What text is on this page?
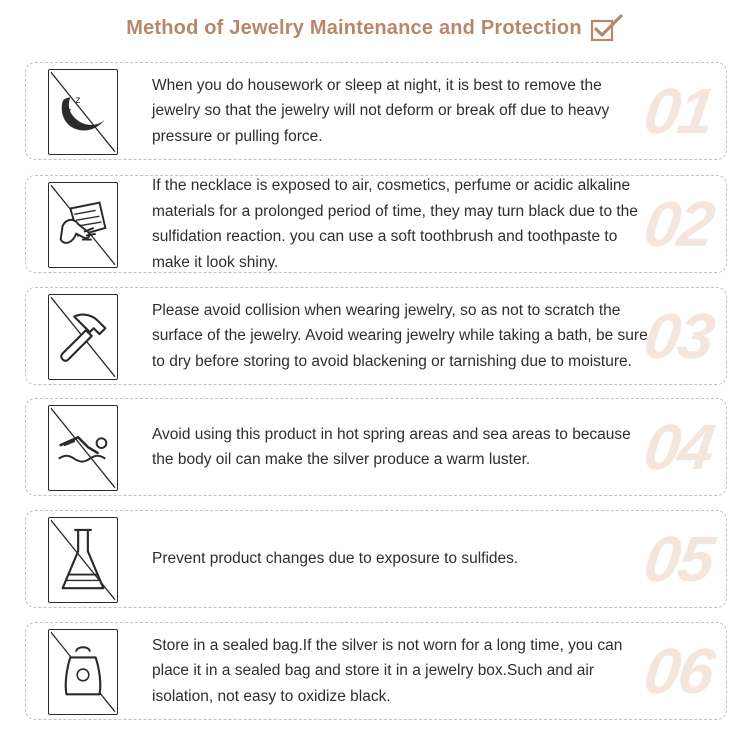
Method of Jewelry Maintenance and Protection
z
z
When you do housework or sleep at night, it is best to remove the jewelry so that the jewelry will not deform or break off due to heavy pressure or pulling force.	01
If the necklace is exposed to air, cosmetics, perfume or acidic alkaline materials for a prolonged period of time, they may turn black due to the sulfidation reaction. you can use a soft toothbrush and toothpaste to make it look shiny.
02
Please avoid collision when wearing jewelry, so as not to scratch the surface of the jewelry. Avoid wearing jewelry while taking a bath, be sure to dry before storing to avoid blackening or tarnishing due to moisture. 03
Avoid using this product in hot spring areas and sea areas to because the body oil can make the silver produce a warm luster.	04
Prevent product changes due to exposure to sulfides. 05
Store in a sealed bag.If the silver is not worn for a long time, you can place it in a sealed bag and store it in a jewelry box.Such and air isolation, not easy to oxidize black.	06
